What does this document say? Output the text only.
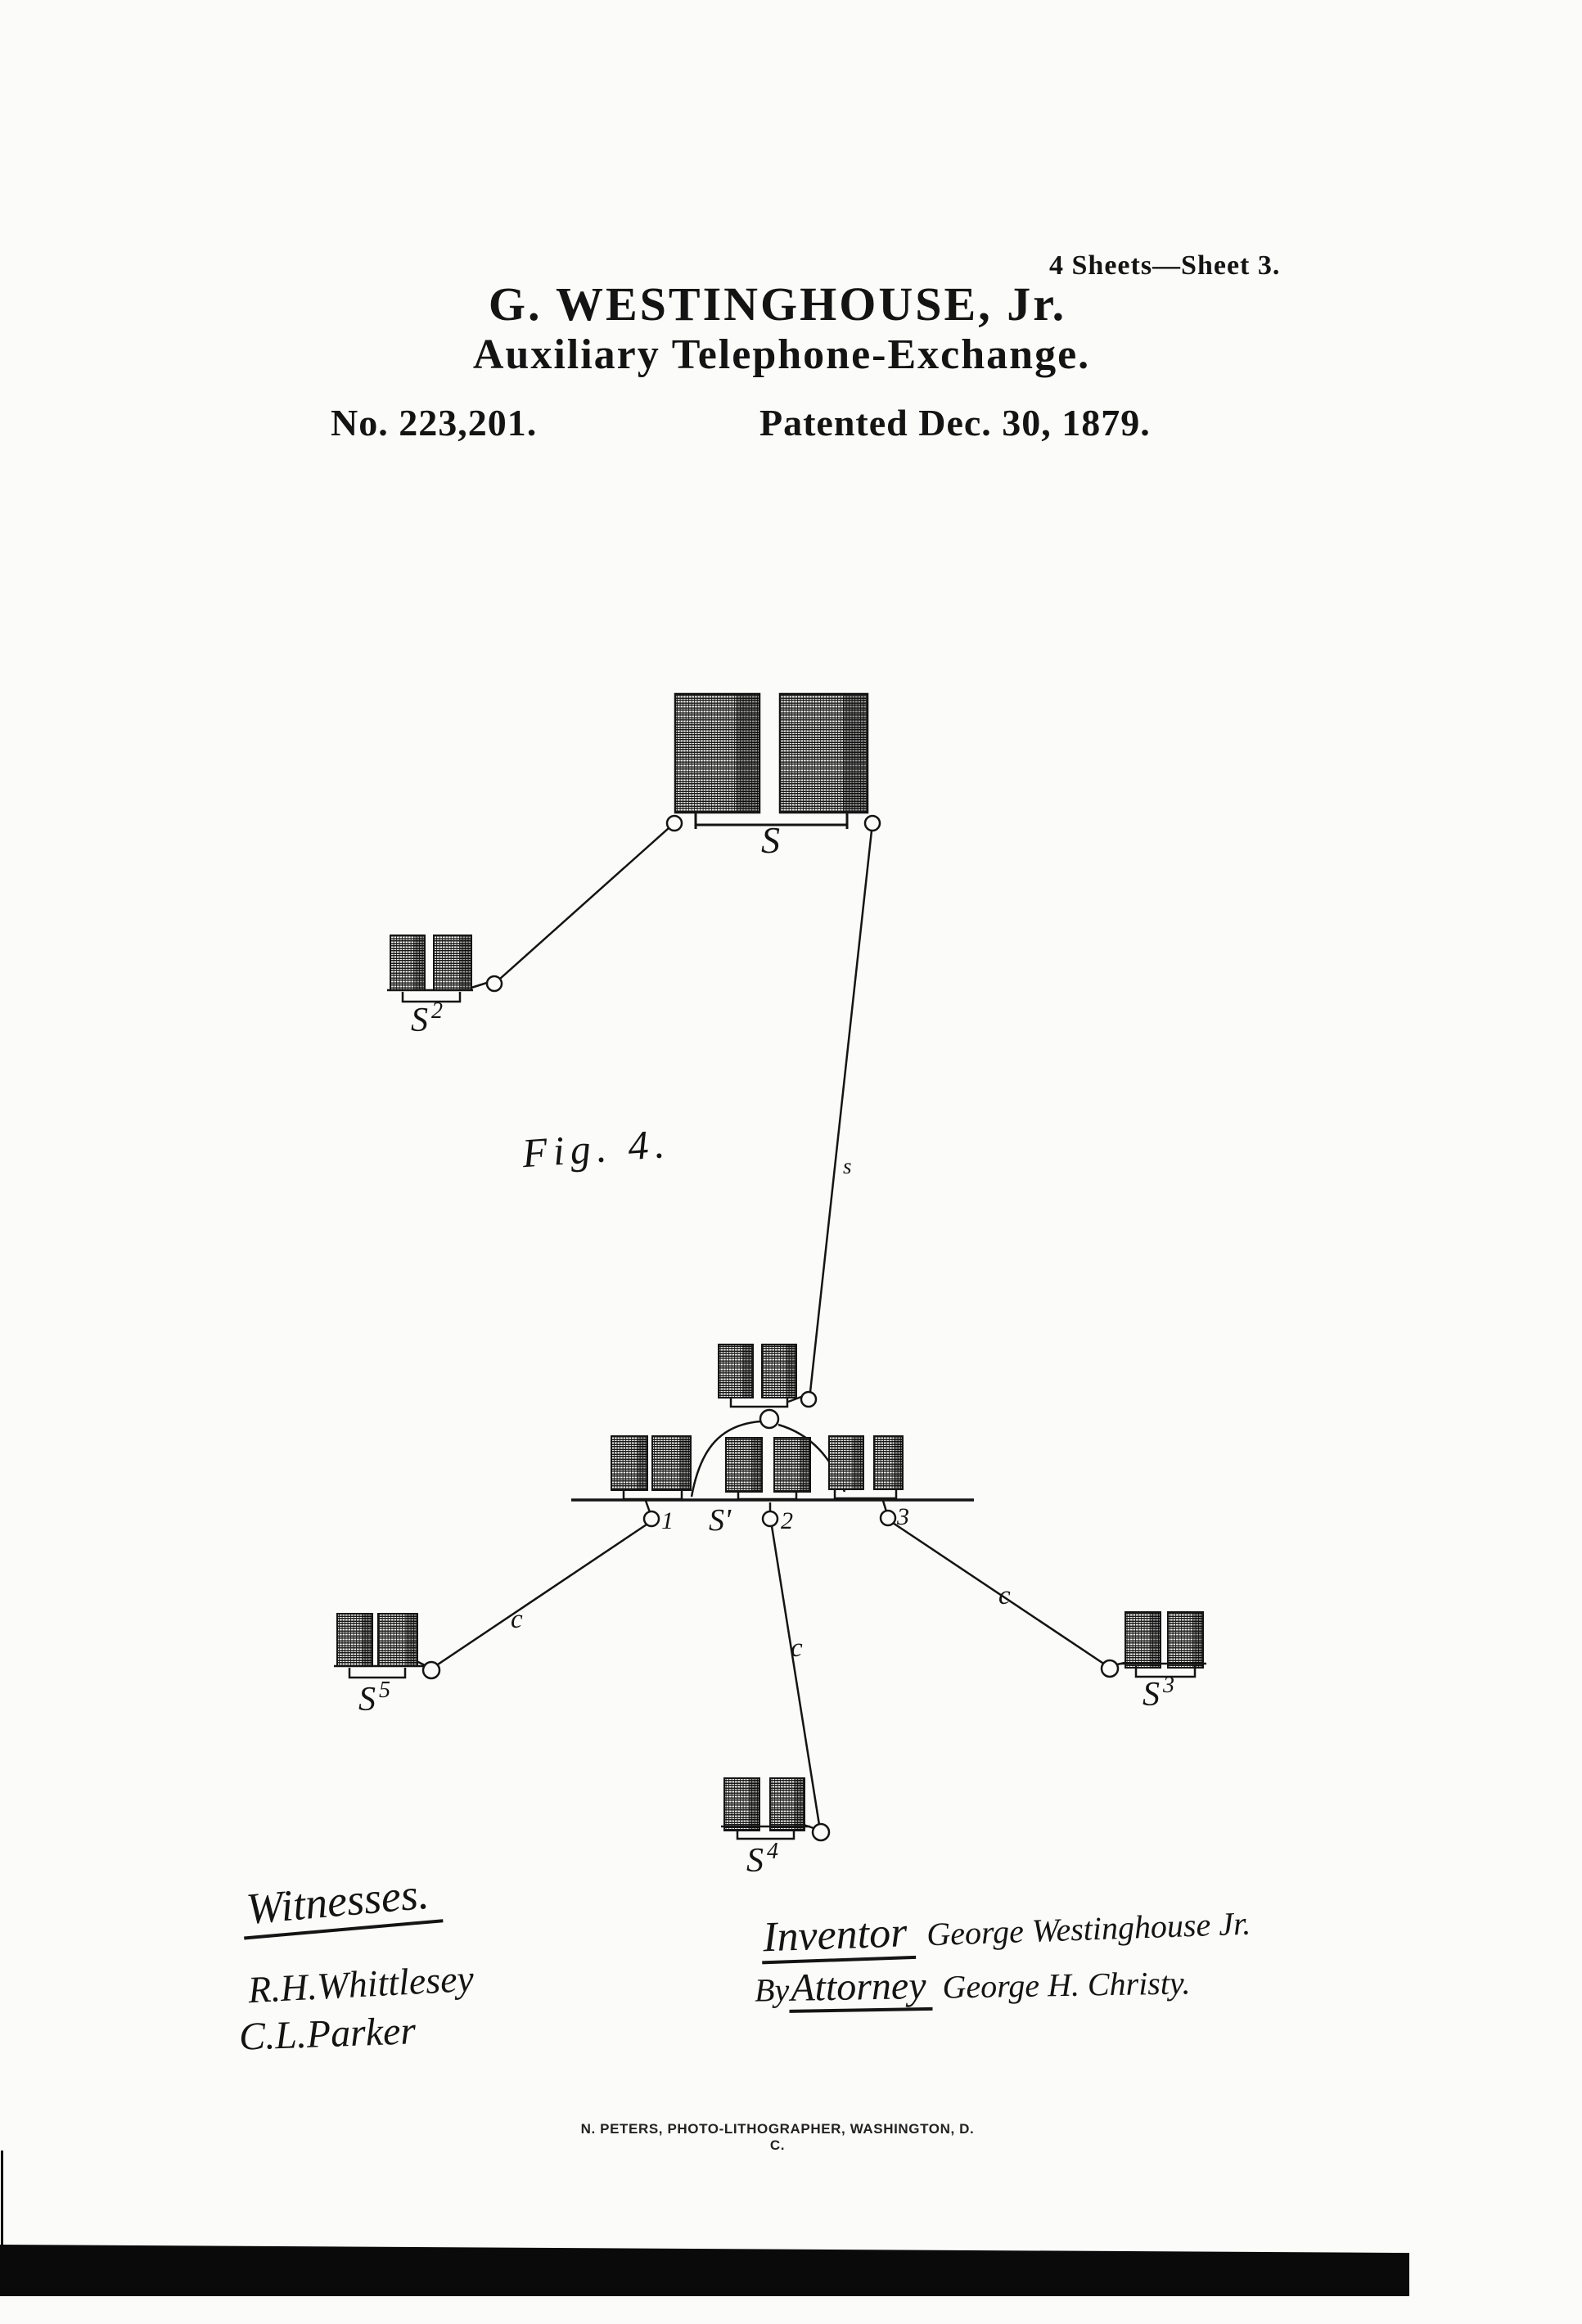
4 Sheets—Sheet 3.
G. WESTINGHOUSE, Jr.
Auxiliary Telephone-Exchange.
No. 223,201.	Patented Dec. 30, 1879.
Fig. 4.
S
S $^2$
S'
S $^5$	S $^3$
S $^4$
1	2	3
s
c
c
c
Witnesses.
R.H.Whittlesey
C.L.Parker
Inventor George Westinghouse Jr.
ByAttorney George H. Christy.
N. PETERS, PHOTO-LITHOGRAPHER, WASHINGTON, D. C.
